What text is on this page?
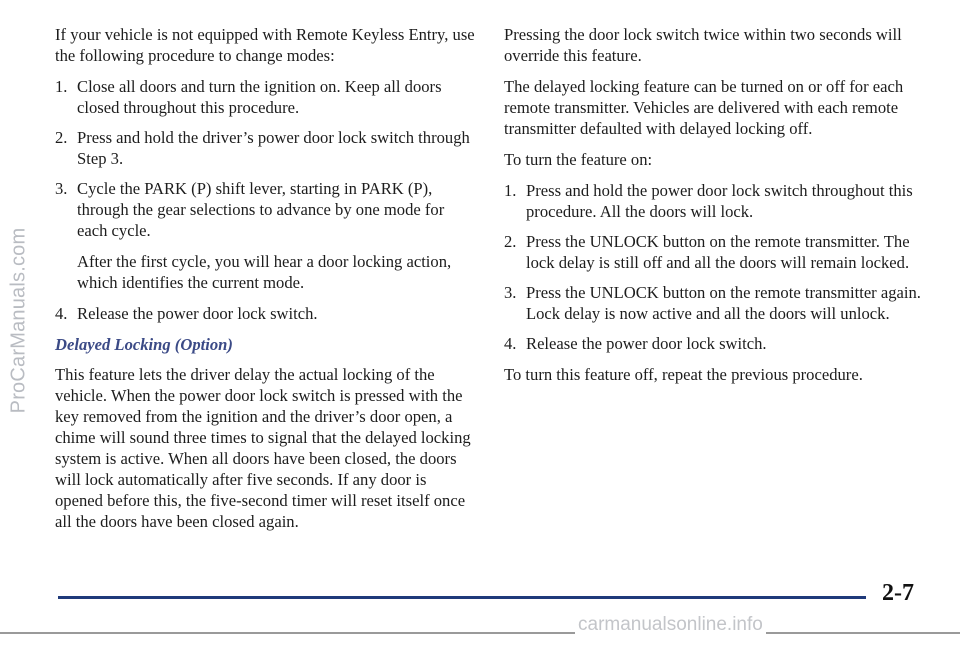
ProCarManuals.com

If your vehicle is not equipped with Remote Keyless Entry, use the following procedure to change modes:

1. Close all doors and turn the ignition on. Keep all doors closed throughout this procedure.
2. Press and hold the driver’s power door lock switch through Step 3.
3. Cycle the PARK (P) shift lever, starting in PARK (P), through the gear selections to advance by one mode for each cycle.

After the first cycle, you will hear a door locking action, which identifies the current mode.

4. Release the power door lock switch.
Delayed Locking (Option)

This feature lets the driver delay the actual locking of the vehicle. When the power door lock switch is pressed with the key removed from the ignition and the driver’s door open, a chime will sound three times to signal that the delayed locking system is active. When all doors have been closed, the doors will lock automatically after five seconds. If any door is opened before this, the five-second timer will reset itself once all the doors have been closed again.

Pressing the door lock switch twice within two seconds will override this feature.

The delayed locking feature can be turned on or off for each remote transmitter. Vehicles are delivered with each remote transmitter defaulted with delayed locking off.

To turn the feature on:

1. Press and hold the power door lock switch throughout this procedure. All the doors will lock.
2. Press the UNLOCK button on the remote transmitter. The lock delay is still off and all the doors will remain locked.
3. Press the UNLOCK button on the remote transmitter again. Lock delay is now active and all the doors will unlock.
4. Release the power door lock switch.

To turn this feature off, repeat the previous procedure.

2-7
carmanualsonline.info
